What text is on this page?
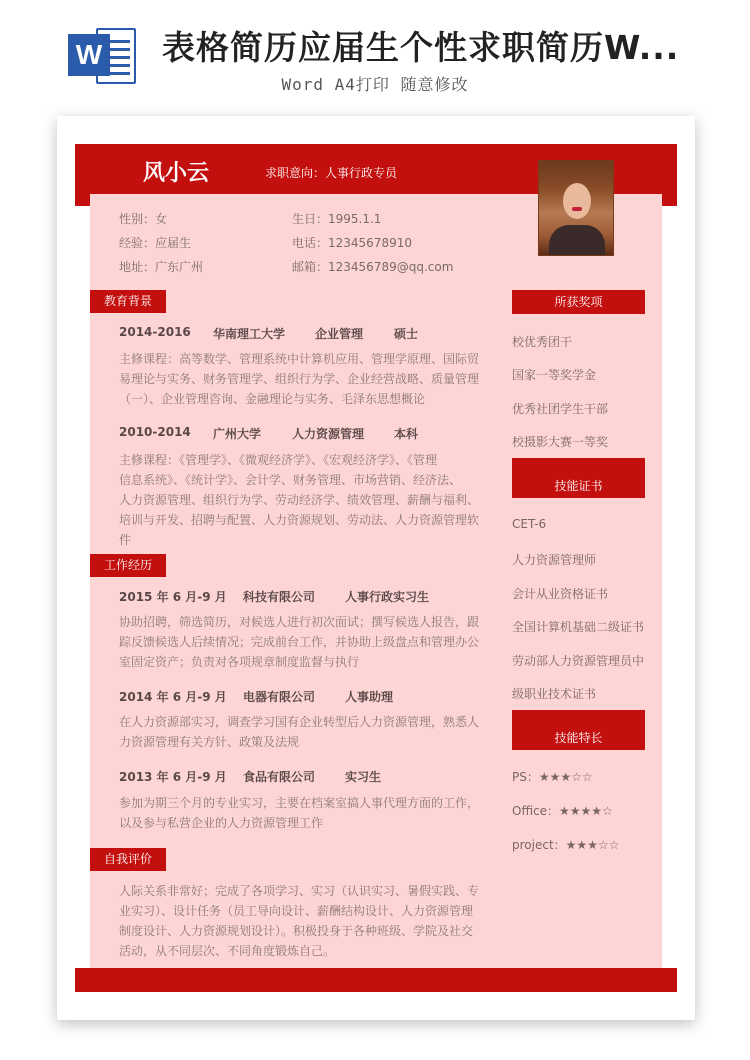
W 表格简历应届生个性求职简历W...
Word A4打印 随意修改
风小云	求职意向：人事行政专员
性别：女	生日：1995.1.1
经验：应届生	电话：12345678910
地址：广东广州	邮箱：123456789@qq.com
教育背景
2014-2016 华南理工大学 企业管理	硕士
主修课程：高等数学、管理系统中计算机应用、管理学原理、国际贸
易理论与实务、财务管理学、组织行为学、企业经营战略、质量管理
（一）、企业管理咨询、金融理论与实务、毛泽东思想概论
2010-2014 广州大学	人力资源管理 本科
主修课程：《管理学》、《微观经济学》、《宏观经济学》、《管理
信息系统》、《统计学》、会计学、财务管理、市场营销、经济法、
人力资源管理、组织行为学、劳动经济学、绩效管理、薪酬与福利、
培训与开发、招聘与配置、人力资源规划、劳动法、人力资源管理软
件
工作经历
2015 年 6 月-9 月 科技有限公司 人事行政实习生
协助招聘，筛选简历，对候选人进行初次面试；撰写候选人报告，跟
踪反馈候选人后续情况；完成前台工作，并协助上级盘点和管理办公
室固定资产；负责对各项规章制度监督与执行
2014 年 6 月-9 月 电器有限公司 人事助理
在人力资源部实习，调查学习国有企业转型后人力资源管理，熟悉人
力资源管理有关方针、政策及法规
2013 年 6 月-9 月 食品有限公司 实习生
参加为期三个月的专业实习，主要在档案室搞人事代理方面的工作，
以及参与私营企业的人力资源管理工作
自我评价
人际关系非常好；完成了各项学习、实习（认识实习、暑假实践、专
业实习）、设计任务（员工导向设计、薪酬结构设计、人力资源管理
制度设计、人力资源规划设计）。积极投身于各种班级、学院及社交
活动，从不同层次、不同角度锻炼自己。
所获奖项
校优秀团干
国家一等奖学金
优秀社团学生干部
校摄影大赛一等奖
技能证书
CET-6
人力资源管理师
会计从业资格证书
全国计算机基础二级证书
劳动部人力资源管理员中
级职业技术证书
技能特长
PS：★★★☆☆
Office：★★★★☆
project：★★★☆☆
